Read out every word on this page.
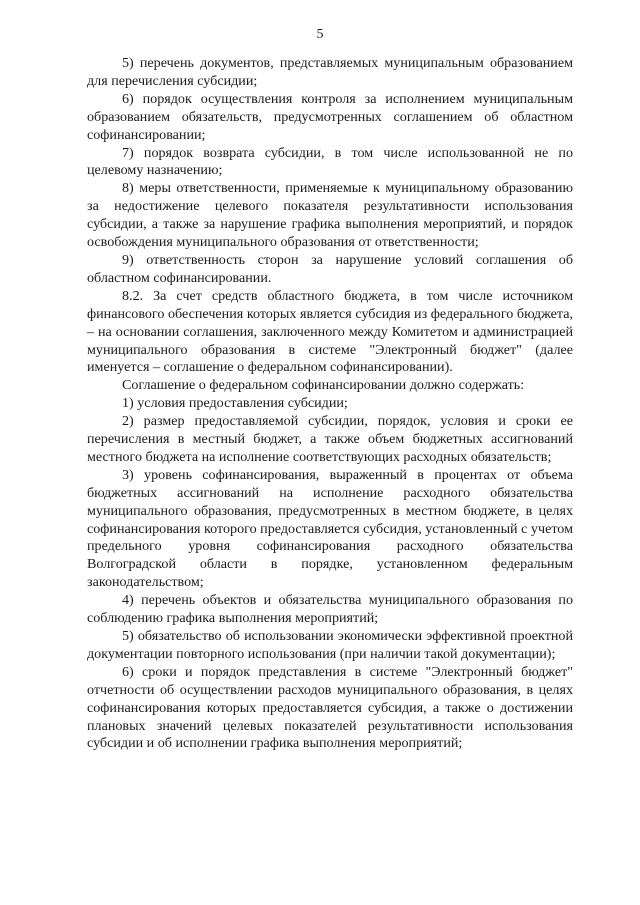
5

5) перечень документов, представляемых муниципальным образованием для перечисления субсидии;

6) порядок осуществления контроля за исполнением муниципальным образованием обязательств, предусмотренных соглашением об областном софинансировании;

7) порядок возврата субсидии, в том числе использованной не по целевому назначению;

8) меры ответственности, применяемые к муниципальному образованию за недостижение целевого показателя результативности использования субсидии, а также за нарушение графика выполнения мероприятий, и порядок освобождения муниципального образования от ответственности;

9) ответственность сторон за нарушение условий соглашения об областном софинансировании.

8.2. За счет средств областного бюджета, в том числе источником финансового обеспечения которых является субсидия из федерального бюджета, – на основании соглашения, заключенного между Комитетом и администрацией муниципального образования в системе "Электронный бюджет" (далее именуется – соглашение о федеральном софинансировании).

Соглашение о федеральном софинансировании должно содержать:

1) условия предоставления субсидии;

2) размер предоставляемой субсидии, порядок, условия и сроки ее перечисления в местный бюджет, а также объем бюджетных ассигнований местного бюджета на исполнение соответствующих расходных обязательств;

3) уровень софинансирования, выраженный в процентах от объема бюджетных ассигнований на исполнение расходного обязательства муниципального образования, предусмотренных в местном бюджете, в целях софинансирования которого предоставляется субсидия, установленный с учетом предельного уровня софинансирования расходного обязательства Волгоградской области в порядке, установленном федеральным законодательством;

4) перечень объектов и обязательства муниципального образования по соблюдению графика выполнения мероприятий;

5) обязательство об использовании экономически эффективной проектной документации повторного использования (при наличии такой документации);

6) сроки и порядок представления в системе "Электронный бюджет" отчетности об осуществлении расходов муниципального образования, в целях софинансирования которых предоставляется субсидия, а также о достижении плановых значений целевых показателей результативности использования субсидии и об исполнении графика выполнения мероприятий;
